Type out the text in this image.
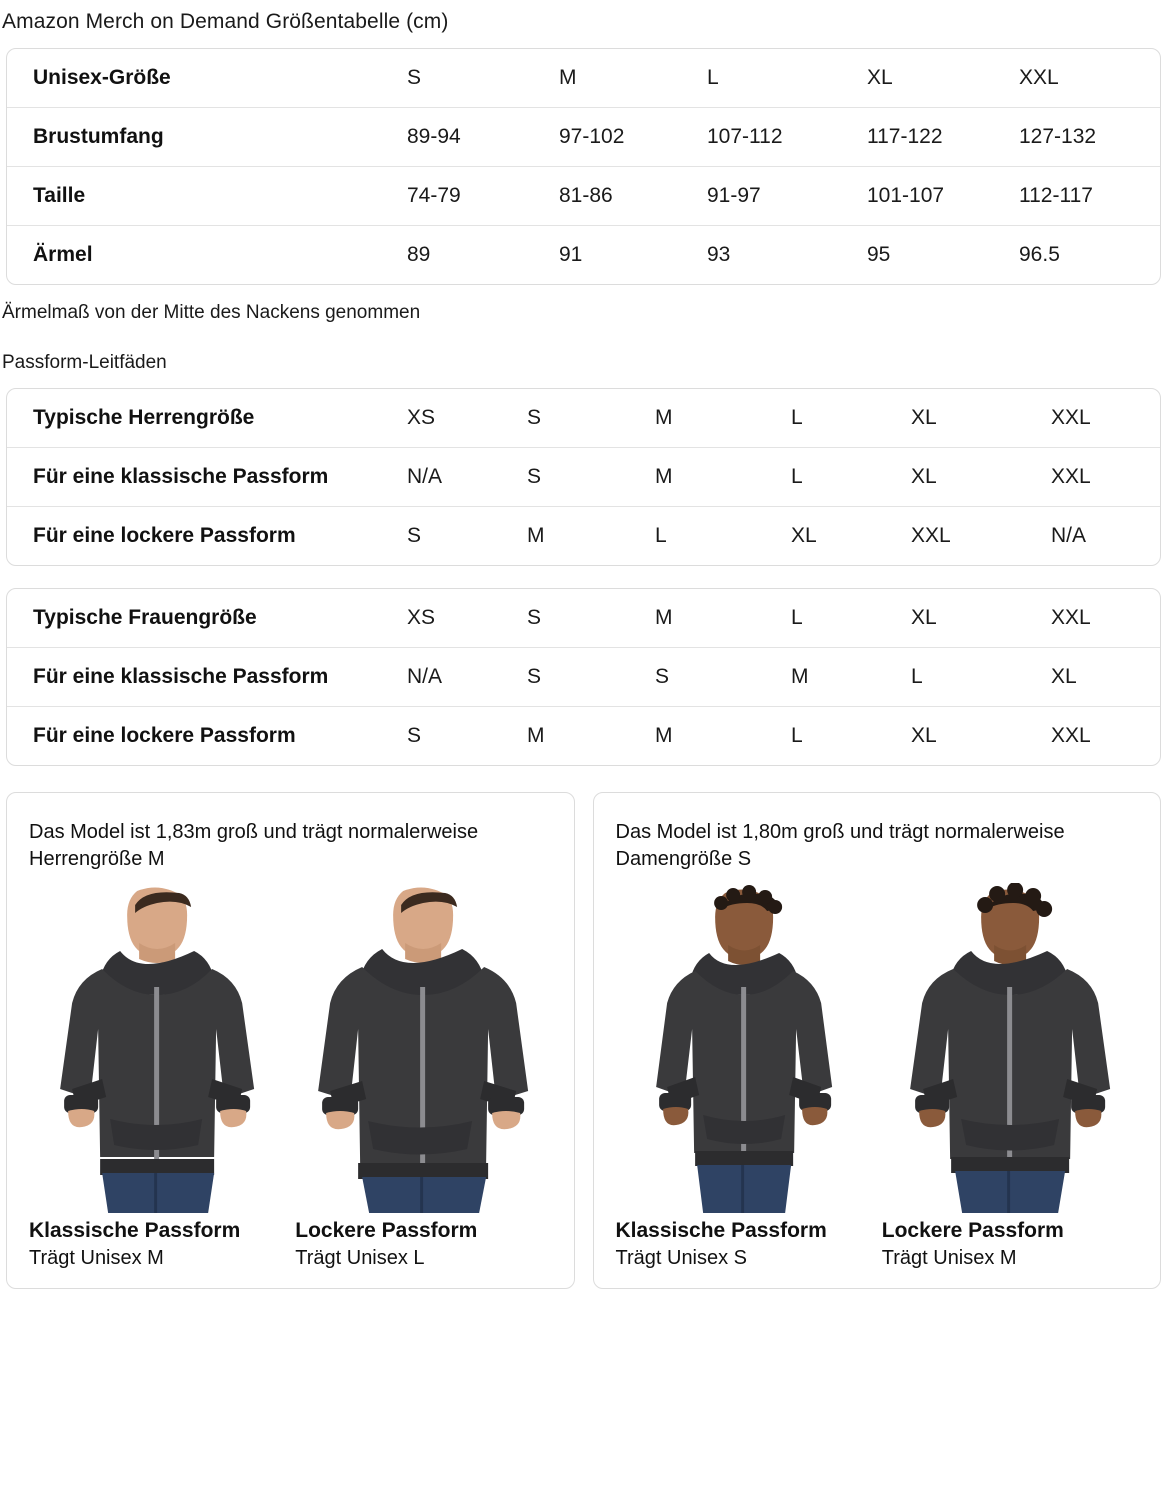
Amazon Merch on Demand Größentabelle (cm)
Unisex-Größe	S	M	L	XL	XXL
Brustumfang	89-94	97-102	107-112	117-122	127-132
Taille	74-79	81-86	91-97	101-107	112-117
Ärmel	89	91	93	95	96.5
Ärmelmaß von der Mitte des Nackens genommen
Passform-Leitfäden
Typische Herrengröße	XS	S	M	L	XL	XXL
Für eine klassische Passform	N/A	S	M	L	XL	XXL
Für eine lockere Passform	S	M	L	XL	XXL	N/A
Typische Frauengröße	XS	S	M	L	XL	XXL
Für eine klassische Passform	N/A	S	S	M	L	XL
Für eine lockere Passform	S	M	M	L	XL	XXL
Das Model ist 1,83m groß und trägt normalerweise Herrengröße M
Klassische Passform
Trägt Unisex M
Lockere Passform
Trägt Unisex L
Das Model ist 1,80m groß und trägt normalerweise Damengröße S
Klassische Passform
Trägt Unisex S
Lockere Passform
Trägt Unisex M
